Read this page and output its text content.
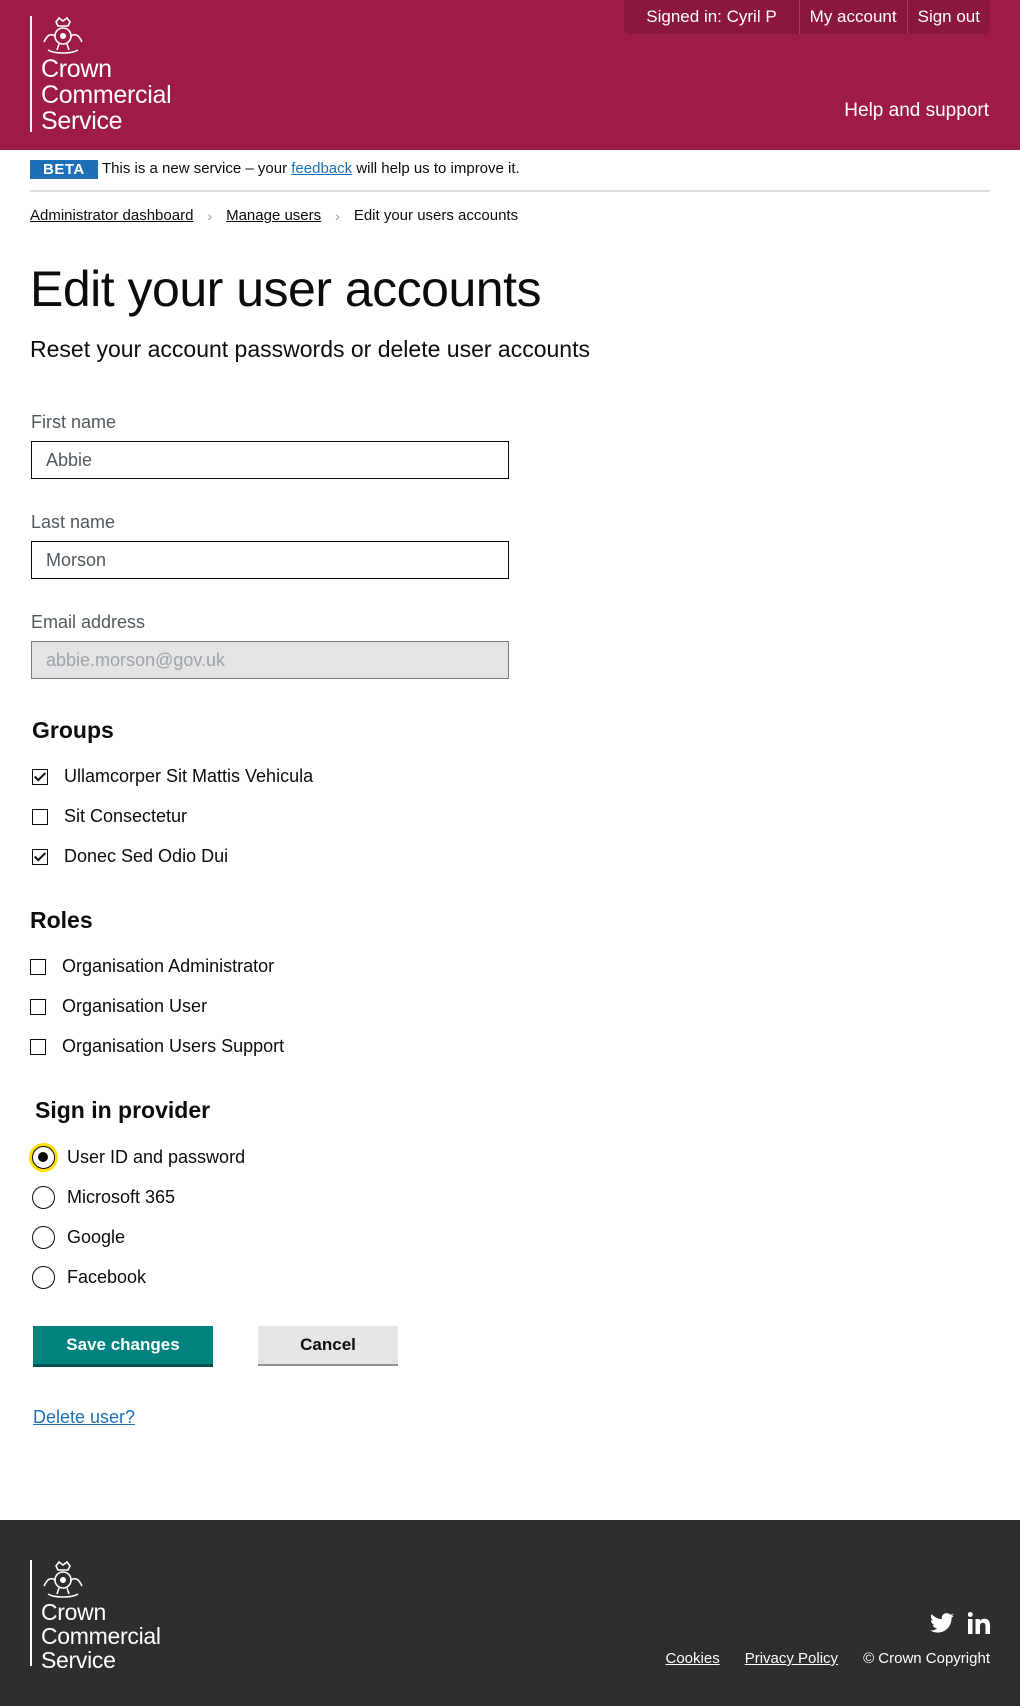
Crown
Commercial
Service
Signed in: Cyril P	My account	Sign out
Help and support
BETA	This is a new service – your feedback will help us to improve it.
Administrator dashboard › Manage users › Edit your users accounts
Edit your user accounts

Reset your account passwords or delete user accounts

First name
Abbie
Last name
Morson
Email address
abbie.morson@gov.uk
Groups
Ullamcorper Sit Mattis Vehicula
Sit Consectetur
Donec Sed Odio Dui
Roles
Organisation Administrator
Organisation User
Organisation Users Support
Sign in provider
User ID and password
Microsoft 365
Google
Facebook
Save changes	Cancel
Delete user?
Crown
Commercial
Service	Cookies Privacy Policy © Crown Copyright
